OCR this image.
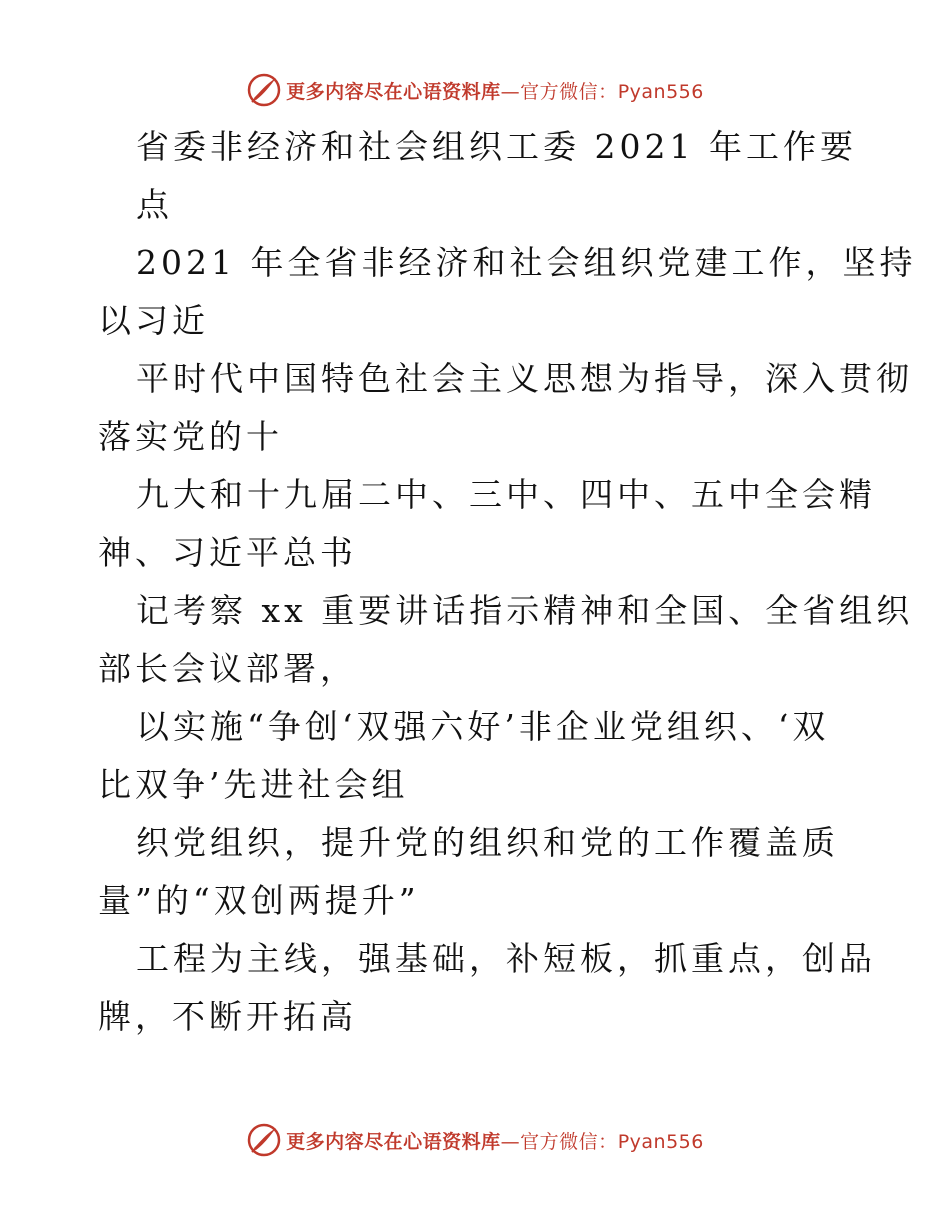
更多内容尽在心语资料库—官方微信：Pyan556
省委非经济和社会组织工委 2021 年工作要
点
2021 年全省非经济和社会组织党建工作，坚持
以习近
平时代中国特色社会主义思想为指导，深入贯彻
落实党的十
九大和十九届二中、三中、四中、五中全会精
神、习近平总书
记考察 xx 重要讲话指示精神和全国、全省组织
部长会议部署，
以实施“争创‘双强六好’非企业党组织、‘双
比双争’先进社会组
织党组织，提升党的组织和党的工作覆盖质
量”的“双创两提升”
工程为主线，强基础，补短板，抓重点，创品
牌，不断开拓高
更多内容尽在心语资料库—官方微信：Pyan556
